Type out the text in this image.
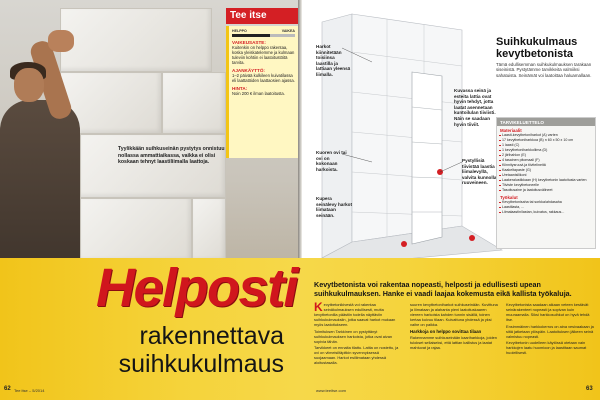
Tyylikkään suihkuseinän pystytys onnistuu nollassa ammattiaikassa, vaikka ei olisi koskaan tehnyt laastiliimalla laattoja.
Tee itse
HELPPO	VAIKEA
VAIKEUSASTE:
Kuitenkin on helppo rakentaa, koska yleiskatelemme ja kulmaan tuleviin kohtiin ei laatoitustöitä tarvita.
AJANKÄYTTÖ:
1–2 päivää kulkileen kuivatilassa eli laattatöiden laattaosien ajassa.
HINTA:
Noin 200 € ilman laatoitusta.
Harkot kiinnitetään toisiinsa laastilla ja lattiaan yleensä liimalla.
Kuoren ovi tai ovi on kokonaan harkoista.
Kupera seinälevy harkot liimataan seinään.
Pystyllisiä tiivistää laastia liimalevyllä, valvita kunnolla ruuveineen.
Kuvassa seinä ja esteita lattia ovat hyvin tehdyt, jotta laatat asennetaan kuntoilulan tiiviisti. Näin se saadaan hyvin tiiviit.
Suihkukulmaus
kevytbetonista
Tämä edullisemman suihkukulmauksen tarakaan siseinistä. Pystytämme tarvikkeita valmiiksi sahatuista. Seinämät voi laatoittaa haluamallaan.
TARVIKELUETTELO
Materiaalit
Laasti-kevytbetoniharkot (A) varten
17 kevytbetoniharkkoa (B) n 60 x 50 x 10 cm
1 laasti (C)
1 kevytbetoniharkkoliima (D)
2 jiirihahlon (E)
4 tasainen pitomaali (F)
Kiinnitysruuvi-ja tiivitelineitä
Kaakeltapaste (G)
Uretaanisilikoni
Laakeralustikkaan (H) kevytbetonin laatoitusta varten
Tiiviste kevytbetoneelle
Tasoitusaine ja laatoitusvälineet
Työkalut
Kevytbetonisaha tai sorkka/ahdasaha
Laastilasta, ...
Liimalaastin/lastan, kuivatus, rakkaus...
Helposti
rakennettava
suihkukulmaus
Kevytbetonista voi rakentaa nopeasti, helposti ja edullisesti upean suihkukulmauksen. Hanke ei vaadi laajaa kokemusta eikä kallista työkaluja.

Kevytbetonikivestä voi rakentaa seinäkulmauksen edullisesti, mutta kevytbetonilla päästiin todella näyttäviin suihkukulmauksiin, jotka saavat harkot mukaan myös laatoitukseen.

Toimituksen Tarkkinen on pystyttänyt suihkukulmauksen harkoista, jotka ovat aivan sopivia tähän.

Tarvikkeet on ennalta tilattu. Lattia on nostettu, ja ovi on viimeisiltäpitkin syvennyksessä suojaamaan. Harkot esiliimataan yhdessä aloitustasalla.

suuren kevytbetoniharkot suihkuseinään. Kuvittuna ja liimataan ja alahanta pieni laatoituskaaren viereen harkoista kahden tunnin sisällä, toinen kertaa kuivuu tilaan. Kuivattuna yhdessä ja yksi vaihe on paikka.

Harkkoja on helppo sovittaa tilaan

Rakennamme suihkuseinään kaariharkkoja, joiden tulokset sellaiseksi, että lattian kallistus ja laatat mahtuvat ja rajaa.

Kevytbetonista saadaan aikaan veteen kestävät seinärakenteet nopeasti ja sopivan kuin muuraamalla. Siksi harkkosuihkut on hyvä tehdä itse.

Ensimmäinen harkkokerros on aina vesivaakaan ja siitä jatketaan ylöspäin. Laatoituksen jälkeen seinä valmistuu nopeasti.

Kevytbetonin uudelleen käytössä otetaan vain harkkojen laatu huomioon ja laastitaan saumat huolellisesti.

62 Tee itse – 5/2014	www.teeitse.com	63
